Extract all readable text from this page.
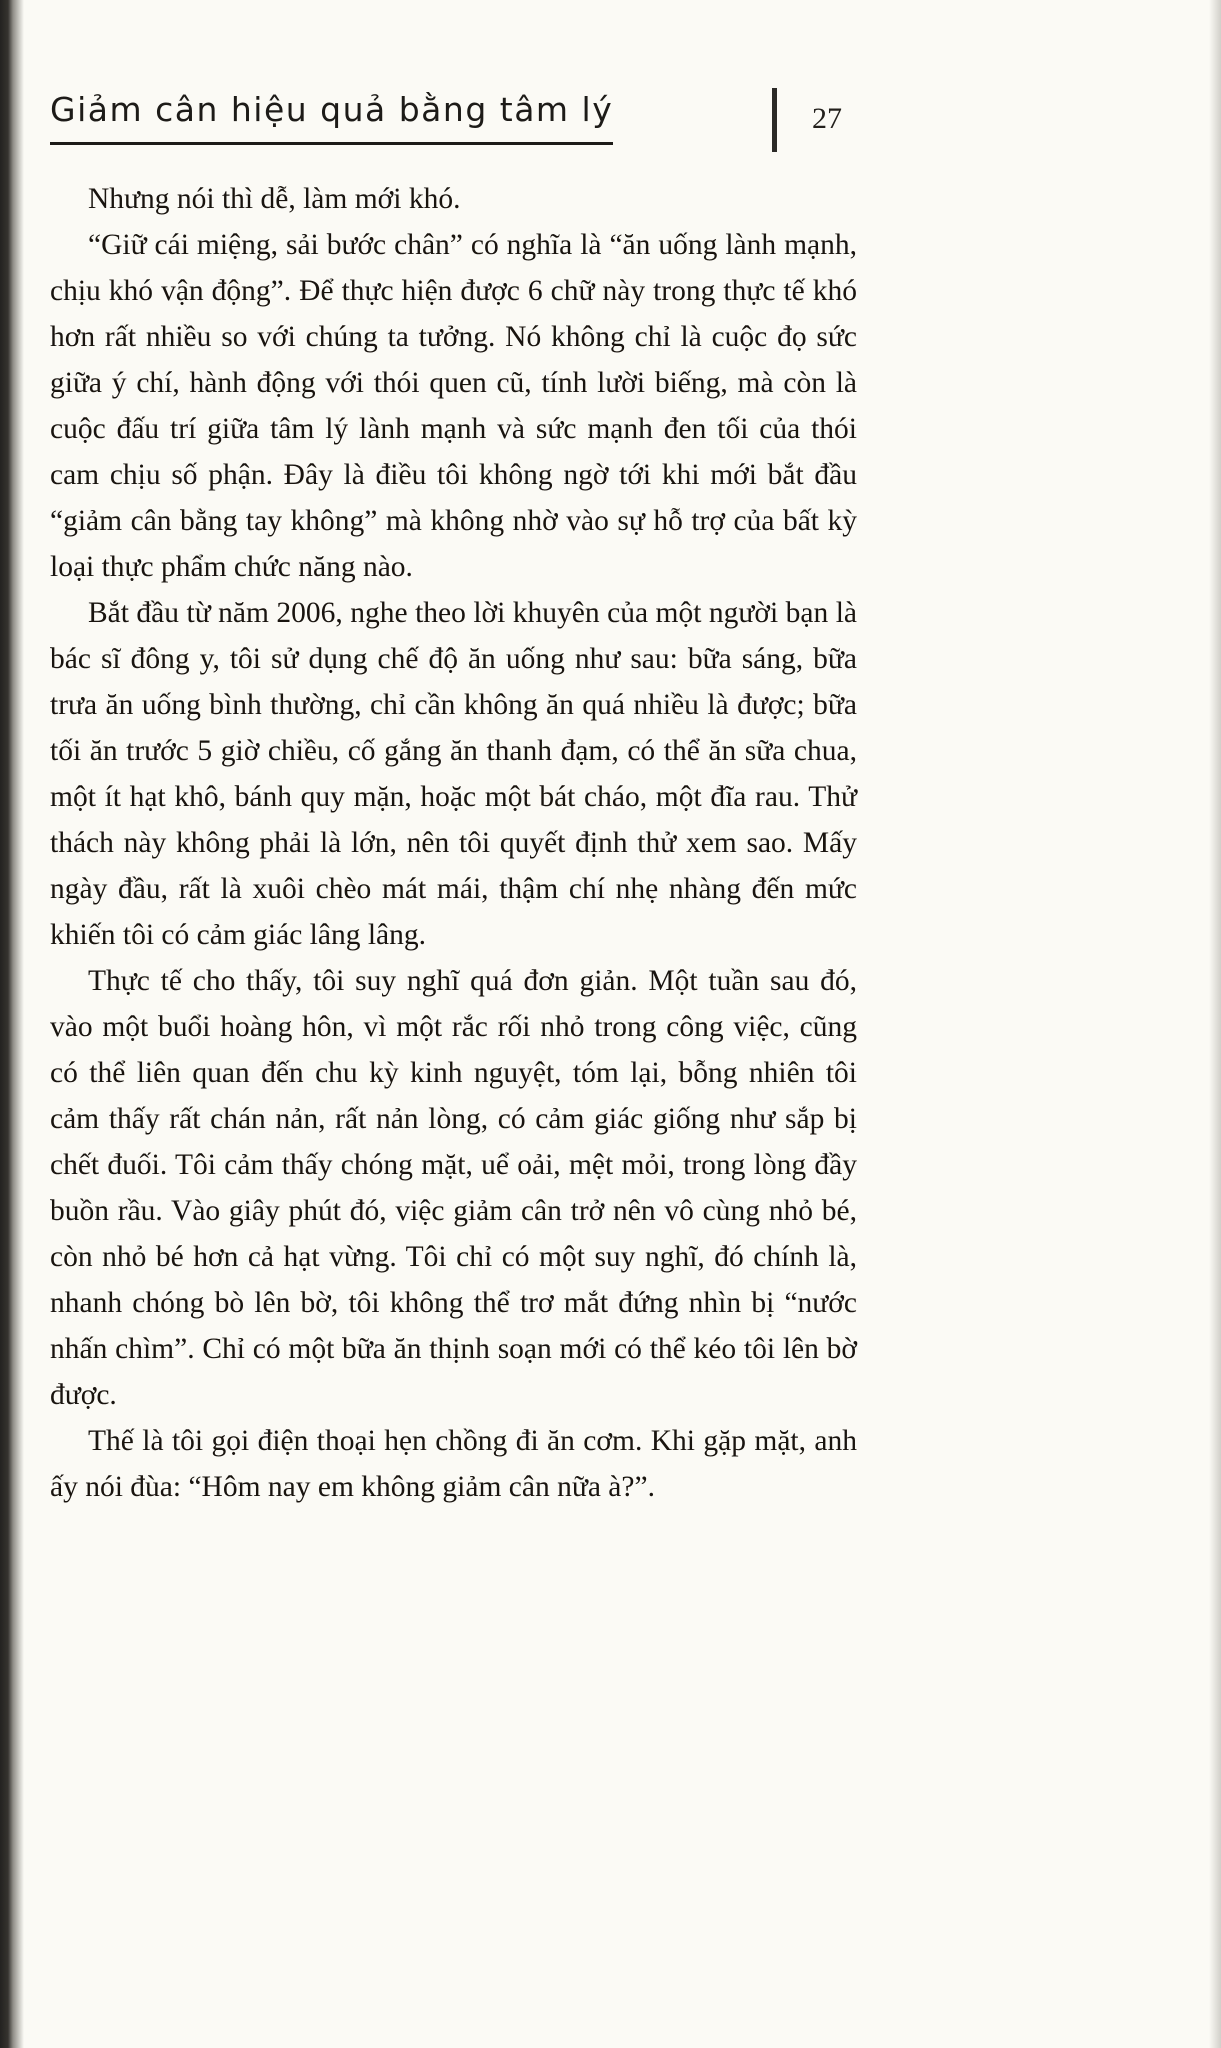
Giảm cân hiệu quả bằng tâm lý	27

Nhưng nói thì dễ, làm mới khó.

“Giữ cái miệng, sải bước chân” có nghĩa là “ăn uống lành mạnh, chịu khó vận động”. Để thực hiện được 6 chữ này trong thực tế khó hơn rất nhiều so với chúng ta tưởng. Nó không chỉ là cuộc đọ sức giữa ý chí, hành động với thói quen cũ, tính lười biếng, mà còn là cuộc đấu trí giữa tâm lý lành mạnh và sức mạnh đen tối của thói cam chịu số phận. Đây là điều tôi không ngờ tới khi mới bắt đầu “giảm cân bằng tay không” mà không nhờ vào sự hỗ trợ của bất kỳ loại thực phẩm chức năng nào.

Bắt đầu từ năm 2006, nghe theo lời khuyên của một người bạn là bác sĩ đông y, tôi sử dụng chế độ ăn uống như sau: bữa sáng, bữa trưa ăn uống bình thường, chỉ cần không ăn quá nhiều là được; bữa tối ăn trước 5 giờ chiều, cố gắng ăn thanh đạm, có thể ăn sữa chua, một ít hạt khô, bánh quy mặn, hoặc một bát cháo, một đĩa rau. Thử thách này không phải là lớn, nên tôi quyết định thử xem sao. Mấy ngày đầu, rất là xuôi chèo mát mái, thậm chí nhẹ nhàng đến mức khiến tôi có cảm giác lâng lâng.

Thực tế cho thấy, tôi suy nghĩ quá đơn giản. Một tuần sau đó, vào một buổi hoàng hôn, vì một rắc rối nhỏ trong công việc, cũng có thể liên quan đến chu kỳ kinh nguyệt, tóm lại, bỗng nhiên tôi cảm thấy rất chán nản, rất nản lòng, có cảm giác giống như sắp bị chết đuối. Tôi cảm thấy chóng mặt, uể oải, mệt mỏi, trong lòng đầy buồn rầu. Vào giây phút đó, việc giảm cân trở nên vô cùng nhỏ bé, còn nhỏ bé hơn cả hạt vừng. Tôi chỉ có một suy nghĩ, đó chính là, nhanh chóng bò lên bờ, tôi không thể trơ mắt đứng nhìn bị “nước nhấn chìm”. Chỉ có một bữa ăn thịnh soạn mới có thể kéo tôi lên bờ được.

Thế là tôi gọi điện thoại hẹn chồng đi ăn cơm. Khi gặp mặt, anh ấy nói đùa: “Hôm nay em không giảm cân nữa à?”.
